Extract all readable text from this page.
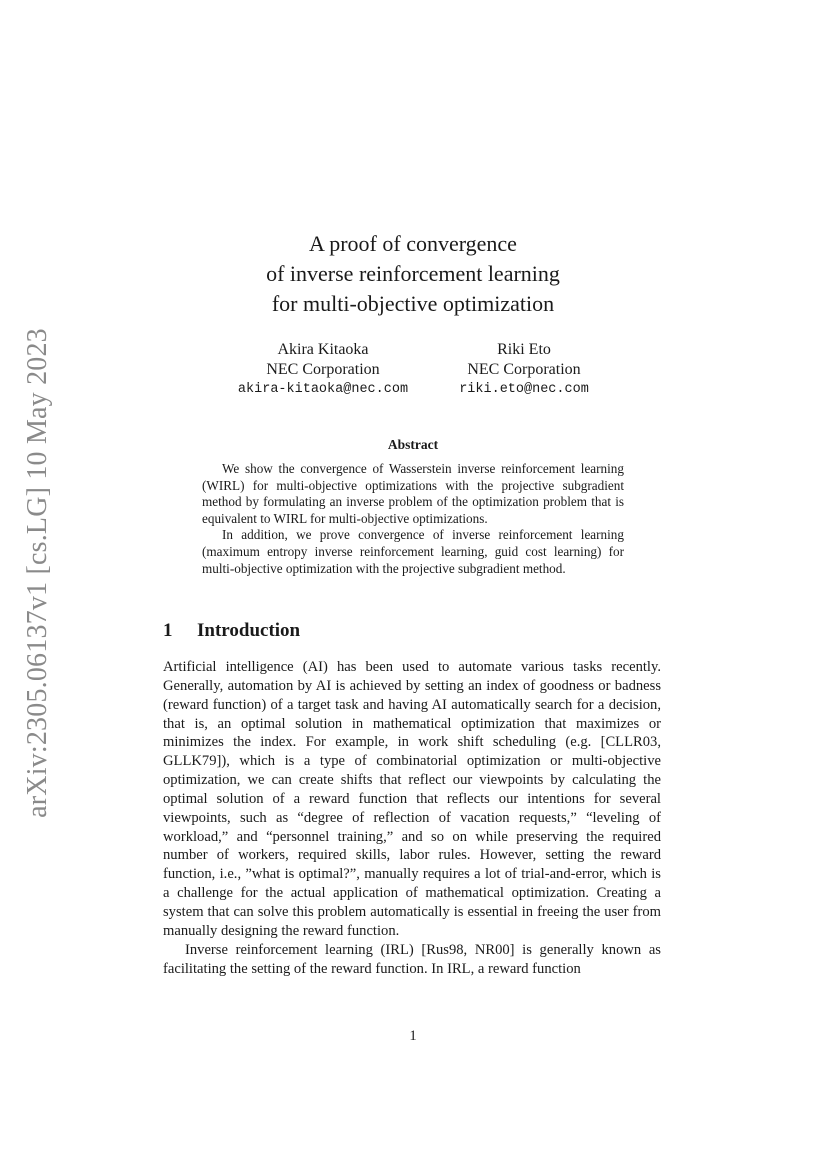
arXiv:2305.06137v1 [cs.LG] 10 May 2023
A proof of convergence
of inverse reinforcement learning
for multi-objective optimization
Akira Kitaoka
NEC Corporation
akira-kitaoka@nec.com
Riki Eto
NEC Corporation
riki.eto@nec.com
Abstract

We show the convergence of Wasserstein inverse reinforcement learning (WIRL) for multi-objective optimizations with the projective subgradient method by formulating an inverse problem of the optimization problem that is equivalent to WIRL for multi-objective optimizations.

In addition, we prove convergence of inverse reinforcement learning (maximum entropy inverse reinforcement learning, guid cost learning) for multi-objective optimization with the projective subgradient method.

1 Introduction

Artificial intelligence (AI) has been used to automate various tasks recently. Generally, automation by AI is achieved by setting an index of goodness or badness (reward function) of a target task and having AI automatically search for a decision, that is, an optimal solution in mathematical optimization that maximizes or minimizes the index. For example, in work shift scheduling (e.g. [CLLR03, GLLK79]), which is a type of combinatorial optimization or multi-objective optimization, we can create shifts that reflect our viewpoints by calculating the optimal solution of a reward function that reflects our intentions for several viewpoints, such as “degree of reflection of vacation requests,” “leveling of workload,” and “personnel training,” and so on while preserving the required number of workers, required skills, labor rules. However, setting the reward function, i.e., ”what is optimal?”, manually requires a lot of trial-and-error, which is a challenge for the actual application of mathematical optimization. Creating a system that can solve this problem automatically is essential in freeing the user from manually designing the reward function.

Inverse reinforcement learning (IRL) [Rus98, NR00] is generally known as facilitating the setting of the reward function. In IRL, a reward function

1
